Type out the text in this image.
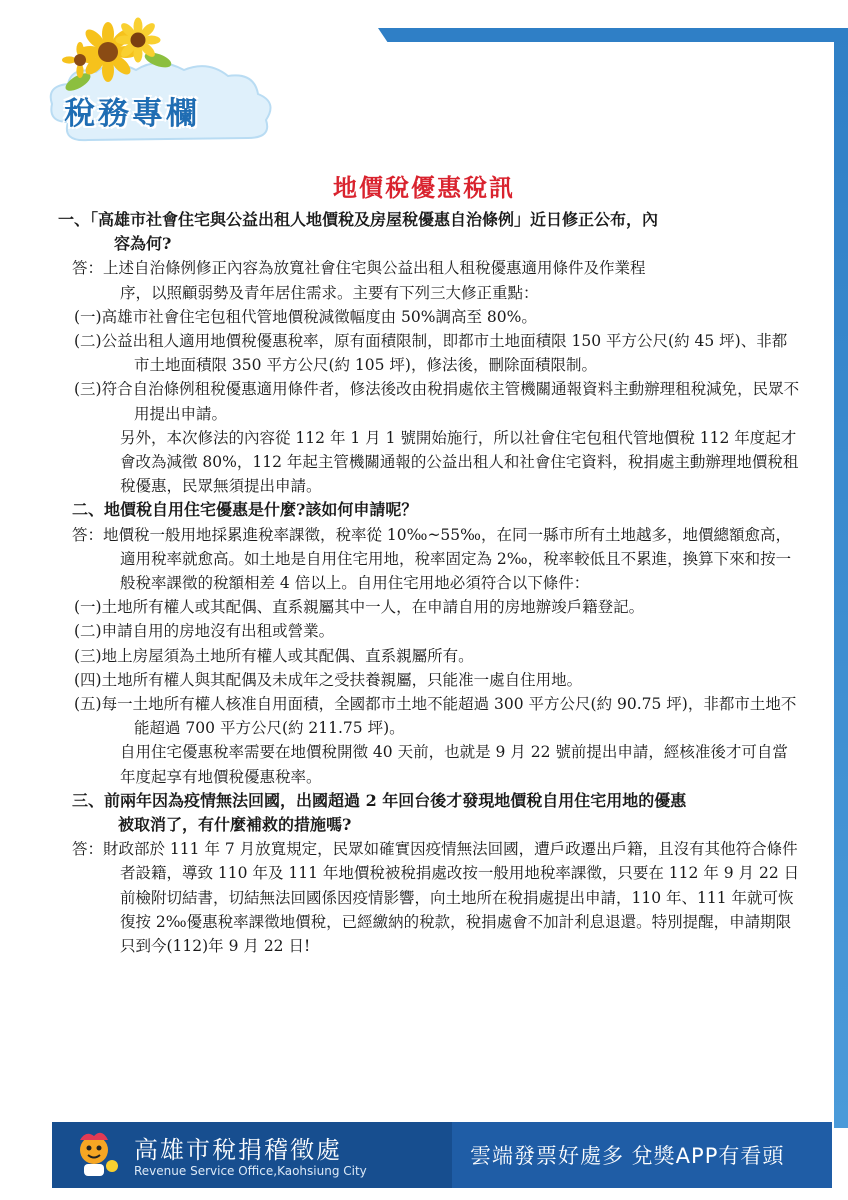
稅務專欄
地價稅優惠稅訊
一、「高雄市社會住宅與公益出租人地價稅及房屋稅優惠自治條例」近日修正公布，內
容為何?
答：上述自治條例修正內容為放寬社會住宅與公益出租人租稅優惠適用條件及作業程
序，以照顧弱勢及青年居住需求。主要有下列三大修正重點：
(一)高雄市社會住宅包租代管地價稅減徵幅度由 50%調高至 80%。
(二)公益出租人適用地價稅優惠稅率，原有面積限制，即都市土地面積限 150 平方公尺(約 45 坪)、非都市土地面積限 350 平方公尺(約 105 坪)，修法後，刪除面積限制。
(三)符合自治條例租稅優惠適用條件者，修法後改由稅捐處依主管機關通報資料主動辦理租稅減免，民眾不用提出申請。
另外，本次修法的內容從 112 年 1 月 1 號開始施行，所以社會住宅包租代管地價稅 112 年度起才會改為減徵 80%，112 年起主管機關通報的公益出租人和社會住宅資料，稅捐處主動辦理地價稅租稅優惠，民眾無須提出申請。
二、地價稅自用住宅優惠是什麼?該如何申請呢？
答：地價稅一般用地採累進稅率課徵，稅率從 10‰~55‰，在同一縣市所有土地越多，地價總額愈高，適用稅率就愈高。如土地是自用住宅用地，稅率固定為 2‰，稅率較低且不累進，換算下來和按一般稅率課徵的稅額相差 4 倍以上。自用住宅用地必須符合以下條件：
(一)土地所有權人或其配偶、直系親屬其中一人，在申請自用的房地辦竣戶籍登記。
(二)申請自用的房地沒有出租或營業。
(三)地上房屋須為土地所有權人或其配偶、直系親屬所有。
(四)土地所有權人與其配偶及未成年之受扶養親屬，只能准一處自住用地。
(五)每一土地所有權人核准自用面積，全國都市土地不能超過 300 平方公尺(約 90.75 坪)，非都市土地不能超過 700 平方公尺(約 211.75 坪)。
自用住宅優惠稅率需要在地價稅開徵 40 天前，也就是 9 月 22 號前提出申請，經核准後才可自當年度起享有地價稅優惠稅率。
三、前兩年因為疫情無法回國，出國超過 2 年回台後才發現地價稅自用住宅用地的優惠
被取消了，有什麼補救的措施嗎?
答：財政部於 111 年 7 月放寬規定，民眾如確實因疫情無法回國，遭戶政遷出戶籍，且沒有其他符合條件者設籍，導致 110 年及 111 年地價稅被稅捐處改按一般用地稅率課徵，只要在 112 年 9 月 22 日前檢附切結書，切結無法回國係因疫情影響，向土地所在稅捐處提出申請，110 年、111 年就可恢復按 2‰優惠稅率課徵地價稅，已經繳納的稅款，稅捐處會不加計利息退還。特別提醒，申請期限只到今(112)年 9 月 22 日!
高雄市稅捐稽徵處
Revenue Service Office,Kaohsiung City
雲端發票好處多 兌獎APP有看頭
